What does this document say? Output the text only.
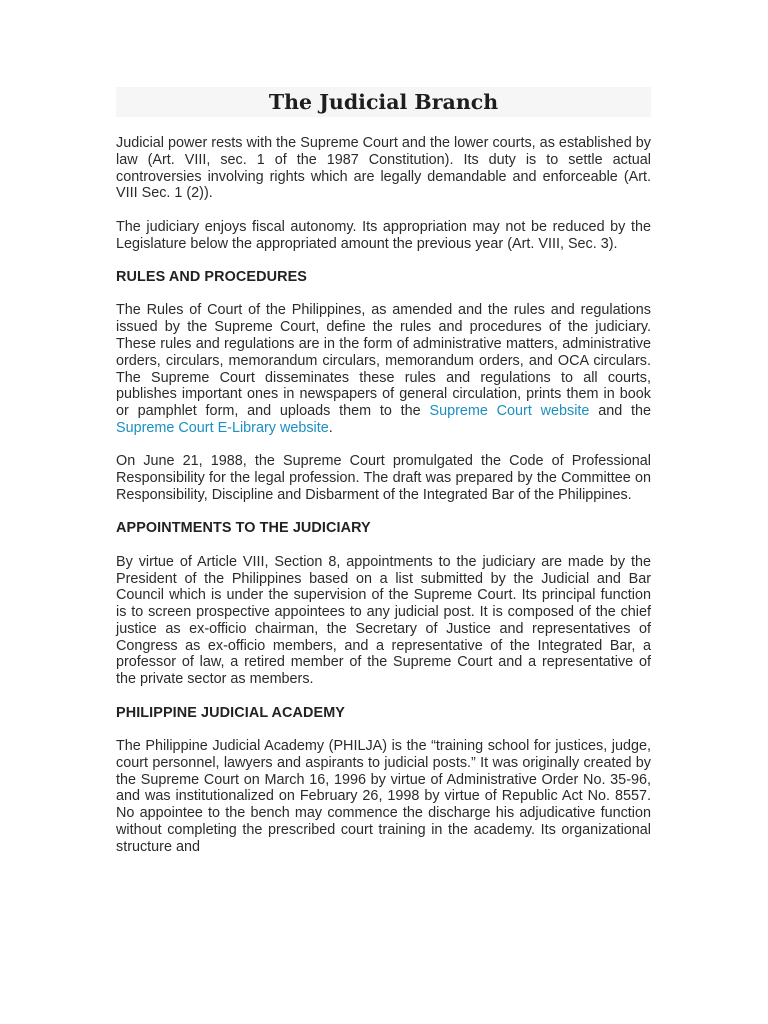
The Judicial Branch

Judicial power rests with the Supreme Court and the lower courts, as established by law (Art. VIII, sec. 1 of the 1987 Constitution). Its duty is to settle actual controversies involving rights which are legally demandable and enforceable (Art. VIII Sec. 1 (2)).

The judiciary enjoys fiscal autonomy. Its appropriation may not be reduced by the Legislature below the appropriated amount the previous year (Art. VIII, Sec. 3).

RULES AND PROCEDURES

The Rules of Court of the Philippines, as amended and the rules and regulations issued by the Supreme Court, define the rules and procedures of the judiciary. These rules and regulations are in the form of administrative matters, administrative orders, circulars, memorandum circulars, memorandum orders, and OCA circulars. The Supreme Court disseminates these rules and regulations to all courts, publishes important ones in newspapers of general circulation, prints them in book or pamphlet form, and uploads them to the Supreme Court website and the Supreme Court E-Library website.

On June 21, 1988, the Supreme Court promulgated the Code of Professional Responsibility for the legal profession. The draft was prepared by the Committee on Responsibility, Discipline and Disbarment of the Integrated Bar of the Philippines.

APPOINTMENTS TO THE JUDICIARY

By virtue of Article VIII, Section 8, appointments to the judiciary are made by the President of the Philippines based on a list submitted by the Judicial and Bar Council which is under the supervision of the Supreme Court. Its principal function is to screen prospective appointees to any judicial post. It is composed of the chief justice as ex-officio chairman, the Secretary of Justice and representatives of Congress as ex-officio members, and a representative of the Integrated Bar, a professor of law, a retired member of the Supreme Court and a representative of the private sector as members.

PHILIPPINE JUDICIAL ACADEMY

The Philippine Judicial Academy (PHILJA) is the “training school for justices, judge, court personnel, lawyers and aspirants to judicial posts.” It was originally created by the Supreme Court on March 16, 1996 by virtue of Administrative Order No. 35-96, and was institutionalized on February 26, 1998 by virtue of Republic Act No. 8557. No appointee to the bench may commence the discharge his adjudicative function without completing the prescribed court training in the academy. Its organizational structure and
